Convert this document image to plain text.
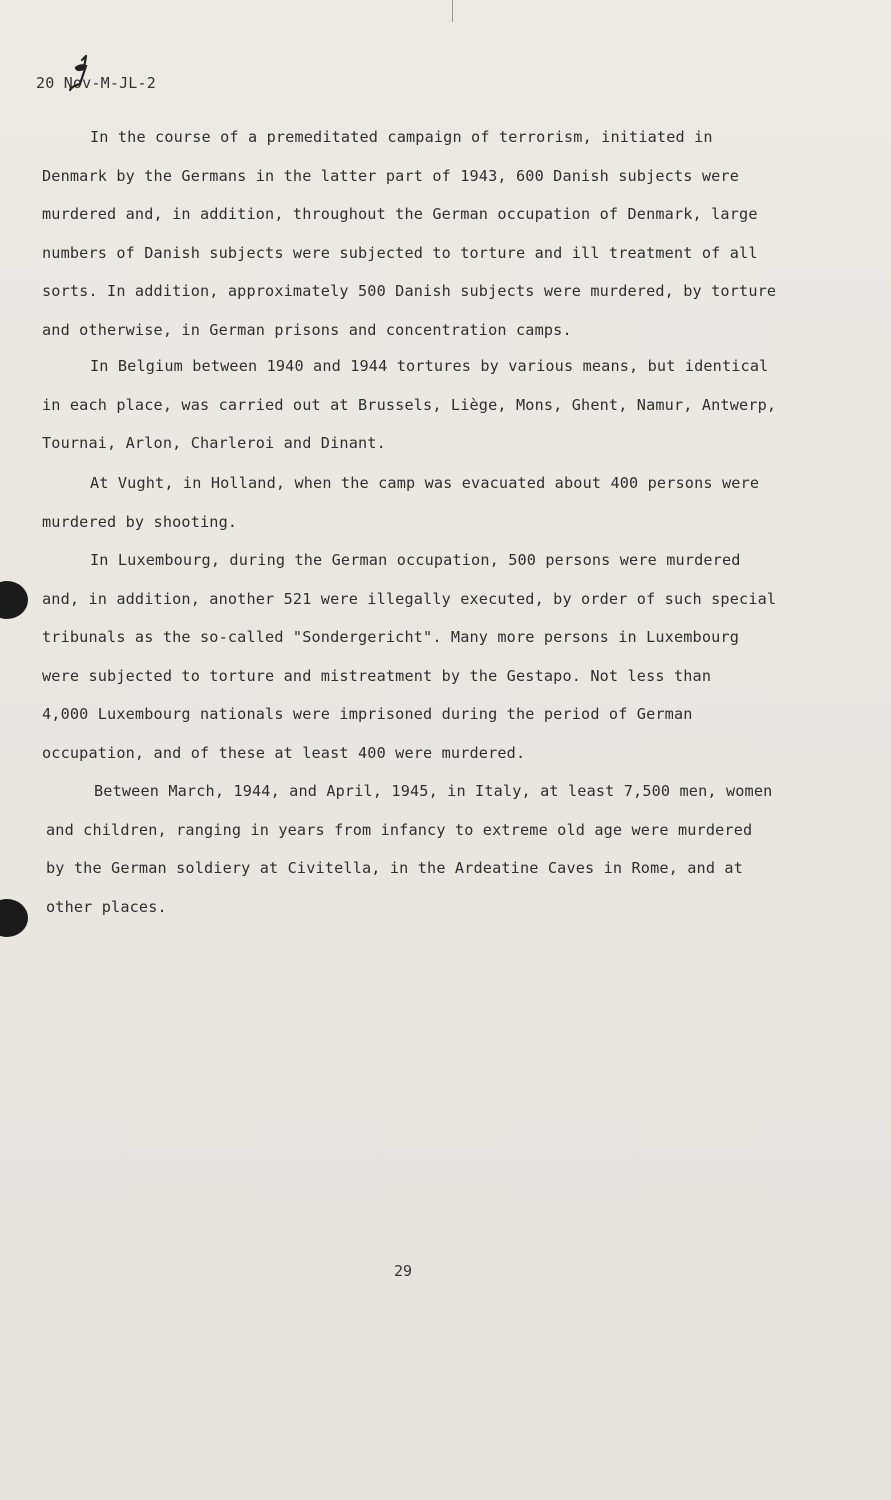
20 Nov-M-JL-2

In the course of a premeditated campaign of terrorism, initiated in
Denmark by the Germans in the latter part of 1943, 600 Danish subjects were
murdered and, in addition, throughout the German occupation of Denmark, large
numbers of Danish subjects were subjected to torture and ill treatment of all
sorts. In addition, approximately 500 Danish subjects were murdered, by torture
and otherwise, in German prisons and concentration camps.

In Belgium between 1940 and 1944 tortures by various means, but identical
in each place, was carried out at Brussels, Liège, Mons, Ghent, Namur, Antwerp,
Tournai, Arlon, Charleroi and Dinant.

At Vught, in Holland, when the camp was evacuated about 400 persons were
murdered by shooting.

In Luxembourg, during the German occupation, 500 persons were murdered
and, in addition, another 521 were illegally executed, by order of such special
tribunals as the so-called "Sondergericht". Many more persons in Luxembourg
were subjected to torture and mistreatment by the Gestapo. Not less than
4,000 Luxembourg nationals were imprisoned during the period of German
occupation, and of these at least 400 were murdered.

Between March, 1944, and April, 1945, in Italy, at least 7,500 men, women
and children, ranging in years from infancy to extreme old age were murdered
by the German soldiery at Civitella, in the Ardeatine Caves in Rome, and at
other places.

29
